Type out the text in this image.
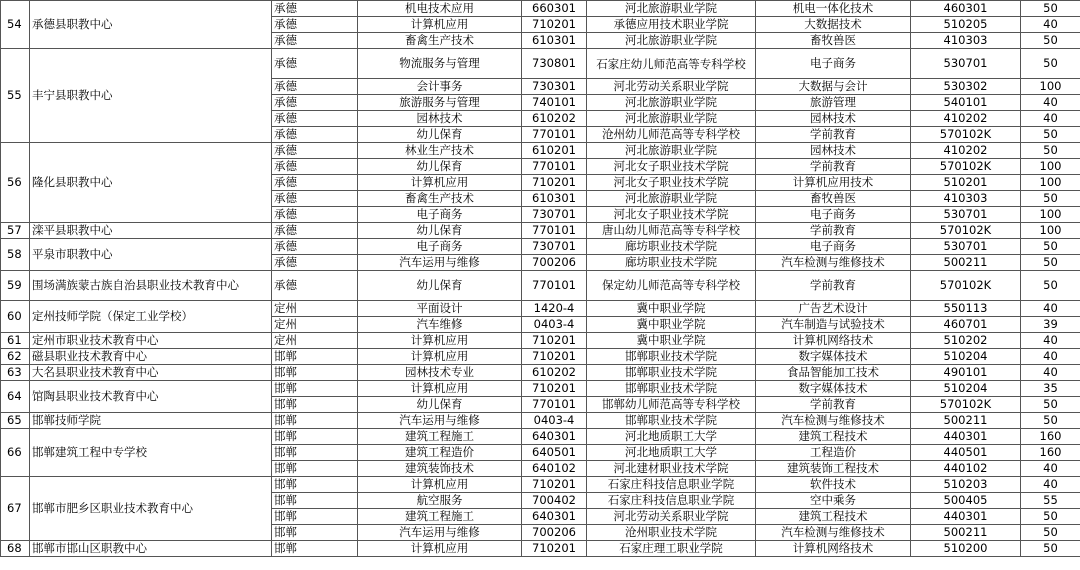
54	承德县职教中心	承德	机电技术应用	660301	河北旅游职业学院	机电一体化技术	460301	50
		承德	计算机应用	710201	承德应用技术职业学院	大数据技术	510205	40
		承德	畜禽生产技术	610301	河北旅游职业学院	畜牧兽医	410303	50
55	丰宁县职教中心	承德	物流服务与管理	730801	石家庄幼儿师范高等专科学校	电子商务	530701	50
		承德	会计事务	730301	河北劳动关系职业学院	大数据与会计	530302	100
		承德	旅游服务与管理	740101	河北旅游职业学院	旅游管理	540101	40
		承德	园林技术	610202	河北旅游职业学院	园林技术	410202	40
		承德	幼儿保育	770101	沧州幼儿师范高等专科学校	学前教育	570102K	50
56	隆化县职教中心	承德	林业生产技术	610201	河北旅游职业学院	园林技术	410202	50
		承德	幼儿保育	770101	河北女子职业技术学院	学前教育	570102K	100
		承德	计算机应用	710201	河北女子职业技术学院	计算机应用技术	510201	100
		承德	畜禽生产技术	610301	河北旅游职业学院	畜牧兽医	410303	50
		承德	电子商务	730701	河北女子职业技术学院	电子商务	530701	100
57	滦平县职教中心	承德	幼儿保育	770101	唐山幼儿师范高等专科学校	学前教育	570102K	100
58	平泉市职教中心	承德	电子商务	730701	廊坊职业技术学院	电子商务	530701	50
		承德	汽车运用与维修	700206	廊坊职业技术学院	汽车检测与维修技术	500211	50
59	围场满族蒙古族自治县职业技术教育中心	承德	幼儿保育	770101	保定幼儿师范高等专科学校	学前教育	570102K	50
60	定州技师学院（保定工业学校）	定州	平面设计	1420-4	冀中职业学院	广告艺术设计	550113	40
		定州	汽车维修	0403-4	冀中职业学院	汽车制造与试验技术	460701	39
61	定州市职业技术教育中心	定州	计算机应用	710201	冀中职业学院	计算机网络技术	510202	40
62	磁县职业技术教育中心	邯郸	计算机应用	710201	邯郸职业技术学院	数字媒体技术	510204	40
63	大名县职业技术教育中心	邯郸	园林技术专业	610202	邯郸职业技术学院	食品智能加工技术	490101	40
64	馆陶县职业技术教育中心	邯郸	计算机应用	710201	邯郸职业技术学院	数字媒体技术	510204	35
		邯郸	幼儿保育	770101	邯郸幼儿师范高等专科学校	学前教育	570102K	50
65	邯郸技师学院	邯郸	汽车运用与维修	0403-4	邯郸职业技术学院	汽车检测与维修技术	500211	50
66	邯郸建筑工程中专学校	邯郸	建筑工程施工	640301	河北地质职工大学	建筑工程技术	440301	160
		邯郸	建筑工程造价	640501	河北地质职工大学	工程造价	440501	160
		邯郸	建筑装饰技术	640102	河北建材职业技术学院	建筑装饰工程技术	440102	40
67	邯郸市肥乡区职业技术教育中心	邯郸	计算机应用	710201	石家庄科技信息职业学院	软件技术	510203	40
		邯郸	航空服务	700402	石家庄科技信息职业学院	空中乘务	500405	55
		邯郸	建筑工程施工	640301	河北劳动关系职业学院	建筑工程技术	440301	50
		邯郸	汽车运用与维修	700206	沧州职业技术学院	汽车检测与维修技术	500211	50
68	邯郸市邯山区职教中心	邯郸	计算机应用	710201	石家庄理工职业学院	计算机网络技术	510200	50
